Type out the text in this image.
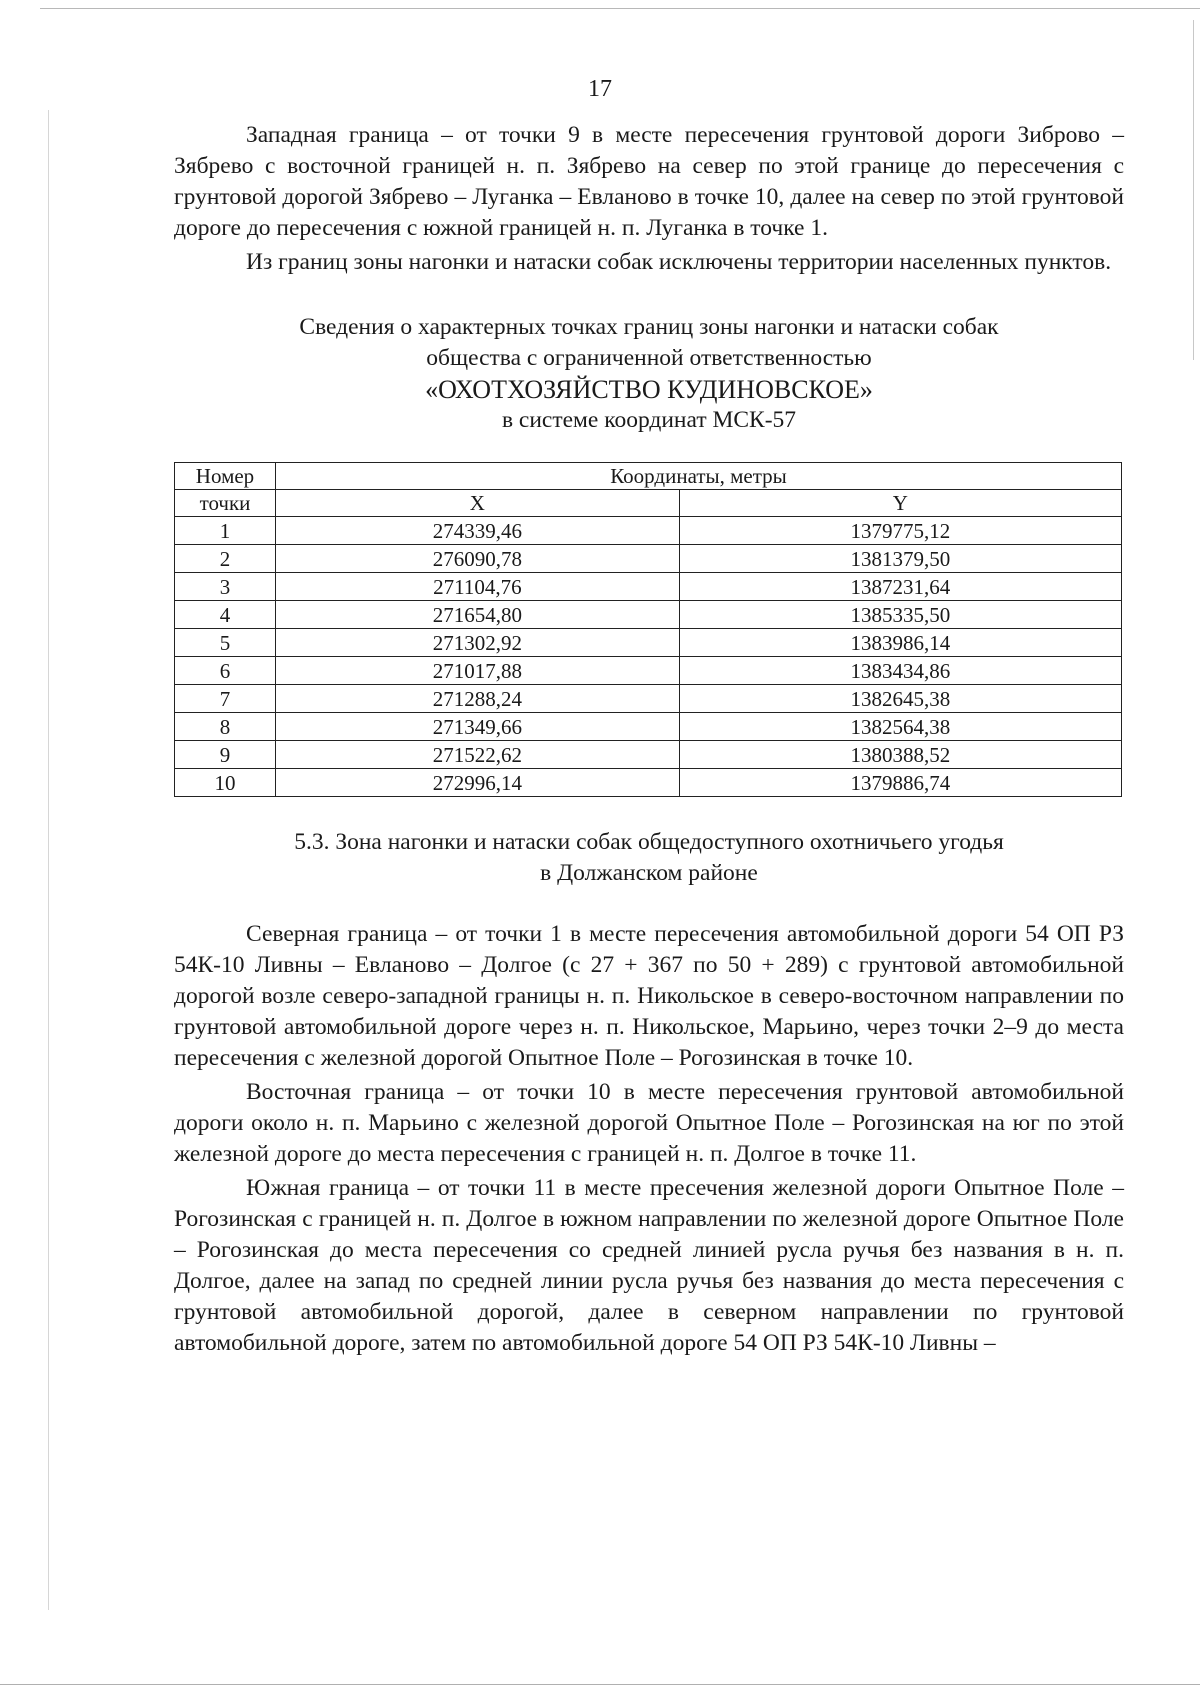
17

Западная граница – от точки 9 в месте пересечения грунтовой дороги Зиброво – Зябрево с восточной границей н. п. Зябрево на север по этой границе до пересечения с грунтовой дорогой Зябрево – Луганка – Евланово в точке 10, далее на север по этой грунтовой дороге до пересечения с южной границей н. п. Луганка в точке 1.

Из границ зоны нагонки и натаски собак исключены территории населенных пунктов.

Сведения о характерных точках границ зоны нагонки и натаски собак

общества с ограниченной ответственностью

«ОХОТХОЗЯЙСТВО КУДИНОВСКОЕ»

в системе координат МСК-57

Номер	Координаты, метры	
точки	X	Y
1	274339,46	1379775,12
2	276090,78	1381379,50
3	271104,76	1387231,64
4	271654,80	1385335,50
5	271302,92	1383986,14
6	271017,88	1383434,86
7	271288,24	1382645,38
8	271349,66	1382564,38
9	271522,62	1380388,52
10	272996,14	1379886,74

5.3. Зона нагонки и натаски собак общедоступного охотничьего угодья

в Должанском районе

Северная граница – от точки 1 в месте пересечения автомобильной дороги 54 ОП РЗ 54К-10 Ливны – Евланово – Долгое (с 27 + 367 по 50 + 289) с грунтовой автомобильной дорогой возле северо-западной границы н. п. Никольское в северо-восточном направлении по грунтовой автомобильной дороге через н. п. Никольское, Марьино, через точки 2–9 до места пересечения с железной дорогой Опытное Поле – Рогозинская в точке 10.

Восточная граница – от точки 10 в месте пересечения грунтовой автомобильной дороги около н. п. Марьино с железной дорогой Опытное Поле – Рогозинская на юг по этой железной дороге до места пересечения с границей н. п. Долгое в точке 11.

Южная граница – от точки 11 в месте пресечения железной дороги Опытное Поле – Рогозинская с границей н. п. Долгое в южном направлении по железной дороге Опытное Поле – Рогозинская до места пересечения со средней линией русла ручья без названия в н. п. Долгое, далее на запад по средней линии русла ручья без названия до места пересечения с грунтовой автомобильной дорогой, далее в северном направлении по грунтовой автомобильной дороге, затем по автомобильной дороге 54 ОП РЗ 54К-10 Ливны –
